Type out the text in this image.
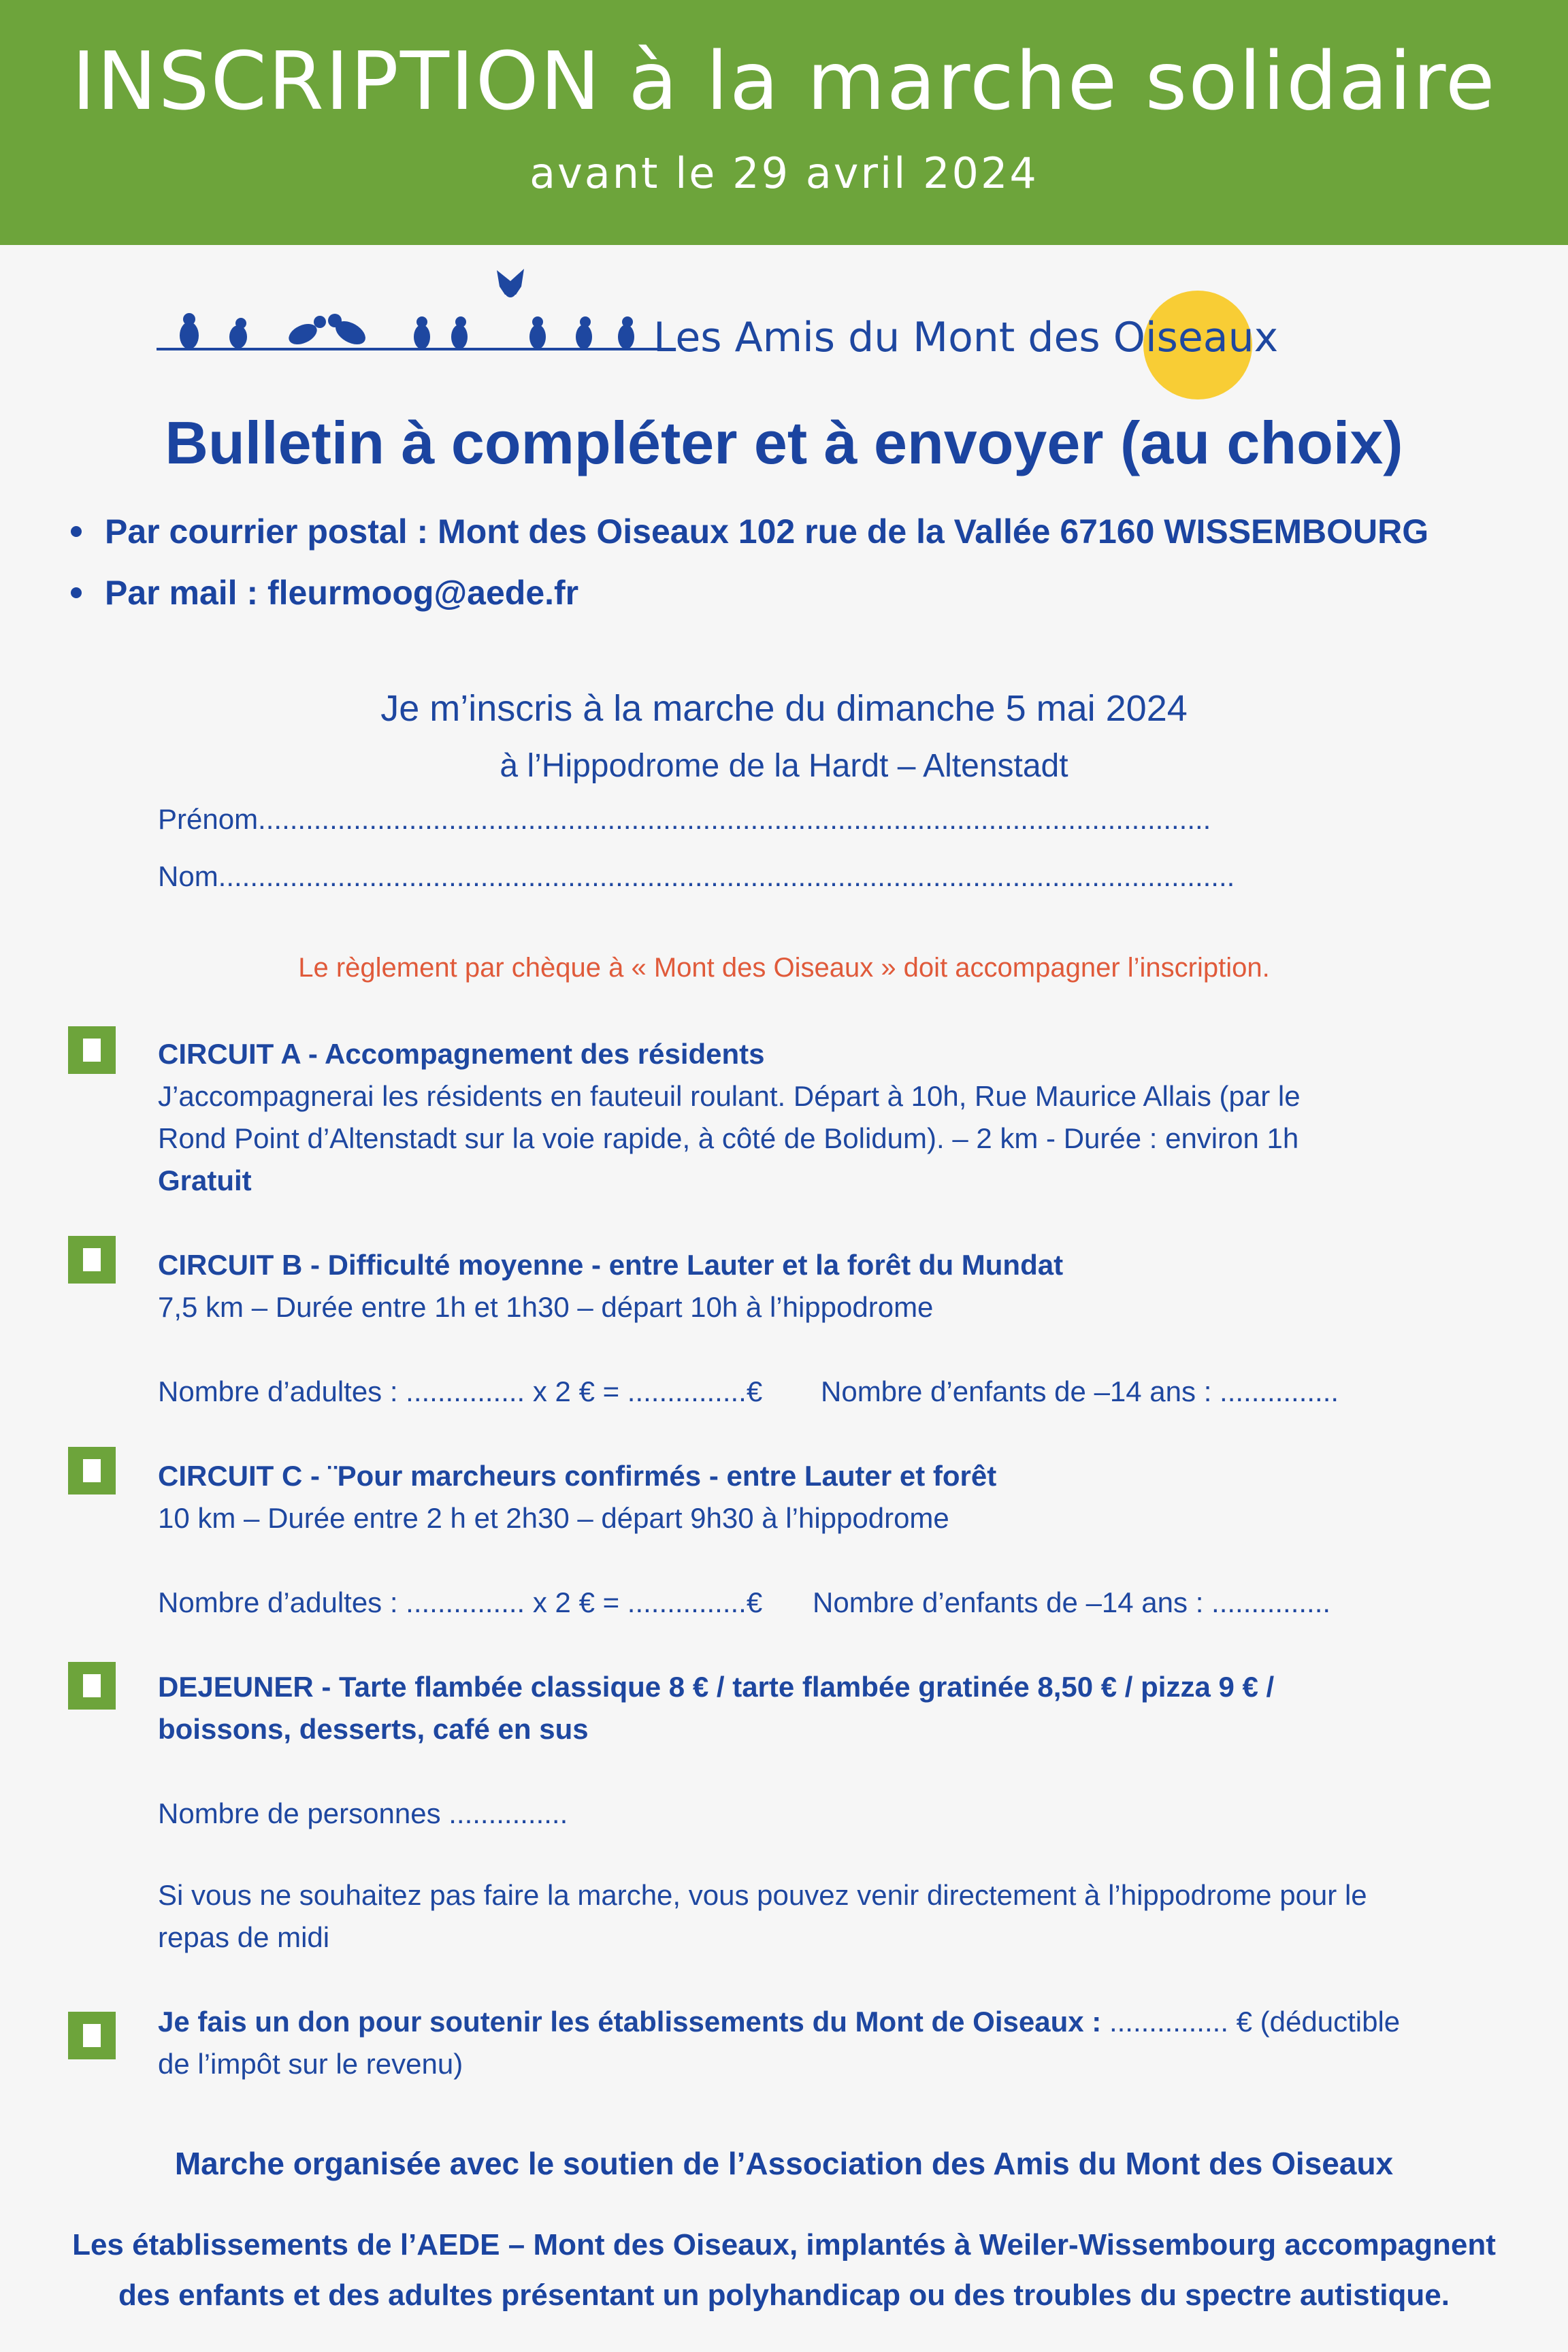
INSCRIPTION à la marche solidaire
avant le 29 avril 2024
Les Amis du Mont des Oiseaux
Bulletin à compléter et à envoyer (au choix)
Par courrier postal : Mont des Oiseaux 102 rue de la Vallée 67160 WISSEMBOURG
Par mail : fleurmoog@aede.fr
Je m’inscris à la marche du dimanche 5 mai 2024
à l’Hippodrome de la Hardt – Altenstadt
Prénom........................................................................................................................
Nom................................................................................................................................
Le règlement par chèque à « Mont des Oiseaux » doit accompagner l’inscription.
CIRCUIT A - Accompagnement des résidents
J’accompagnerai les résidents en fauteuil roulant. Départ à 10h, Rue Maurice Allais (par le
Rond Point d’Altenstadt sur la voie rapide, à côté de Bolidum). – 2 km - Durée : environ 1h
Gratuit
CIRCUIT B - Difficulté moyenne - entre Lauter et la forêt du Mundat
7,5 km – Durée entre 1h et 1h30 – départ 10h à l’hippodrome
Nombre d’adultes : ............... x 2 € = ...............€ Nombre d’enfants de –14 ans : ...............
CIRCUIT C - ¨Pour marcheurs confirmés - entre Lauter et forêt
10 km – Durée entre 2 h et 2h30 – départ 9h30 à l’hippodrome
Nombre d’adultes : ............... x 2 € = ...............€ Nombre d’enfants de –14 ans : ...............
DEJEUNER - Tarte flambée classique 8 € / tarte flambée gratinée 8,50 € / pizza 9 € /
boissons, desserts, café en sus
Nombre de personnes ...............
Si vous ne souhaitez pas faire la marche, vous pouvez venir directement à l’hippodrome pour le
repas de midi
Je fais un don pour soutenir les établissements du Mont de Oiseaux : ............... € (déductible
de l’impôt sur le revenu)
Marche organisée avec le soutien de l’Association des Amis du Mont des Oiseaux
Les établissements de l’AEDE – Mont des Oiseaux, implantés à Weiler-Wissembourg accompagnent
des enfants et des adultes présentant un polyhandicap ou des troubles du spectre autistique.
